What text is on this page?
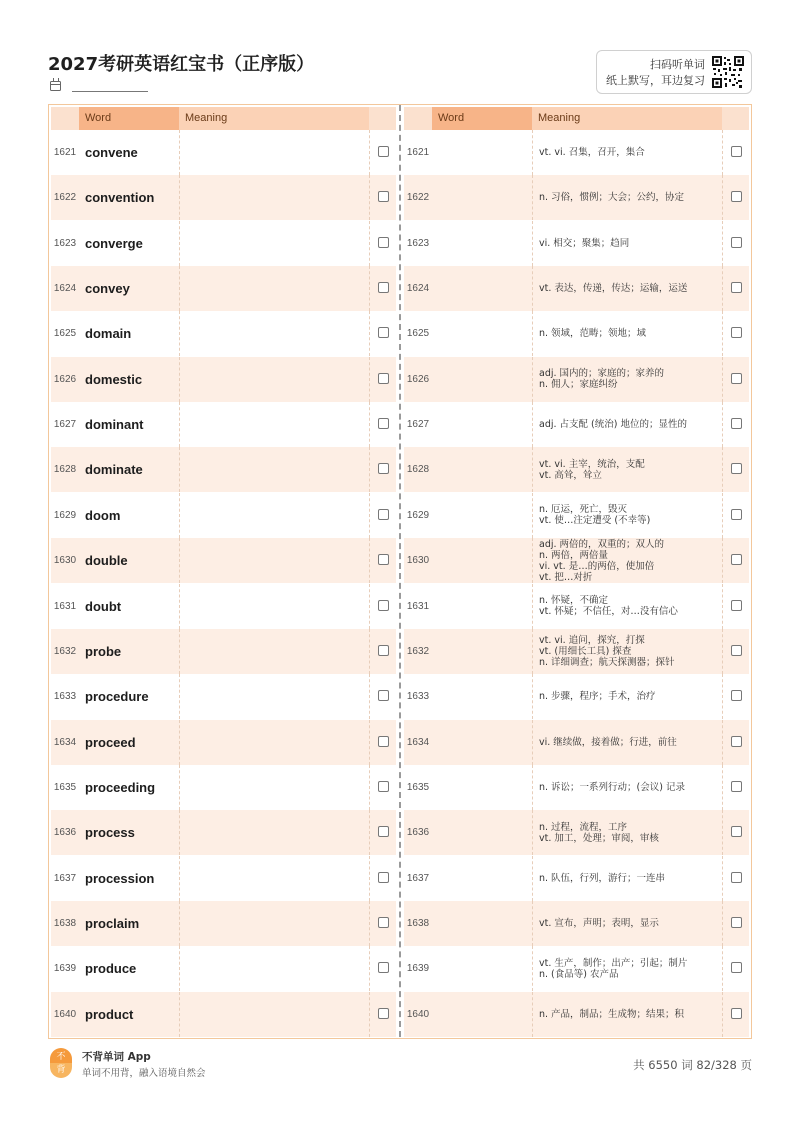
2027考研英语红宝书（正序版）	扫码听单词
纸上默写，耳边复习
Word	Meaning
1621 convene
1622 convention
1623 converge
1624 convey
1625 domain
1626 domestic
1627 dominant
1628 dominate
1629 doom
1630 double
1631 doubt
1632 probe
1633 procedure
1634 proceed
1635 proceeding
1636 process
1637 procession
1638 proclaim
1639 produce
1640 product
Word	Meaning
1621	vt. vi. 召集，召开，集合
1622	n. 习俗，惯例；大会；公约，协定
1623	vi. 相交；聚集；趋同
1624	vt. 表达，传递，传达；运输，运送
1625	n. 领域，范畴；领地；域
1626	adj. 国内的；家庭的；家养的
n. 佣人；家庭纠纷
1627	adj. 占支配 (统治) 地位的；显性的
1628	vt. vi. 主宰，统治，支配
vt. 高耸，耸立
1629	n. 厄运，死亡，毁灭
vt. 使…注定遭受 (不幸等)
1630
adj. 两倍的，双重的；双人的
n. 两倍，两倍量
vi. vt. 是…的两倍，使加倍
vt. 把…对折
1631	n. 怀疑，不确定
vt. 怀疑；不信任，对…没有信心
1632
vt. vi. 追问，探究，打探
vt. (用细长工具) 探查
n. 详细调查；航天探测器；探针
1633	n. 步骤，程序；手术，治疗
1634	vi. 继续做，接着做；行进，前往
1635	n. 诉讼；一系列行动；(会议) 记录
1636	n. 过程，流程，工序
vt. 加工，处理；审阅，审核
1637	n. 队伍，行列，游行；一连串
1638	vt. 宣布，声明；表明，显示
1639	vt. 生产，制作；出产；引起；制片
n. (食品等) 农产品
1640	n. 产品，制品；生成物；结果；积
不
背
不背单词 App
单词不用背，融入语境自然会
共 6550 词 82/328 页
